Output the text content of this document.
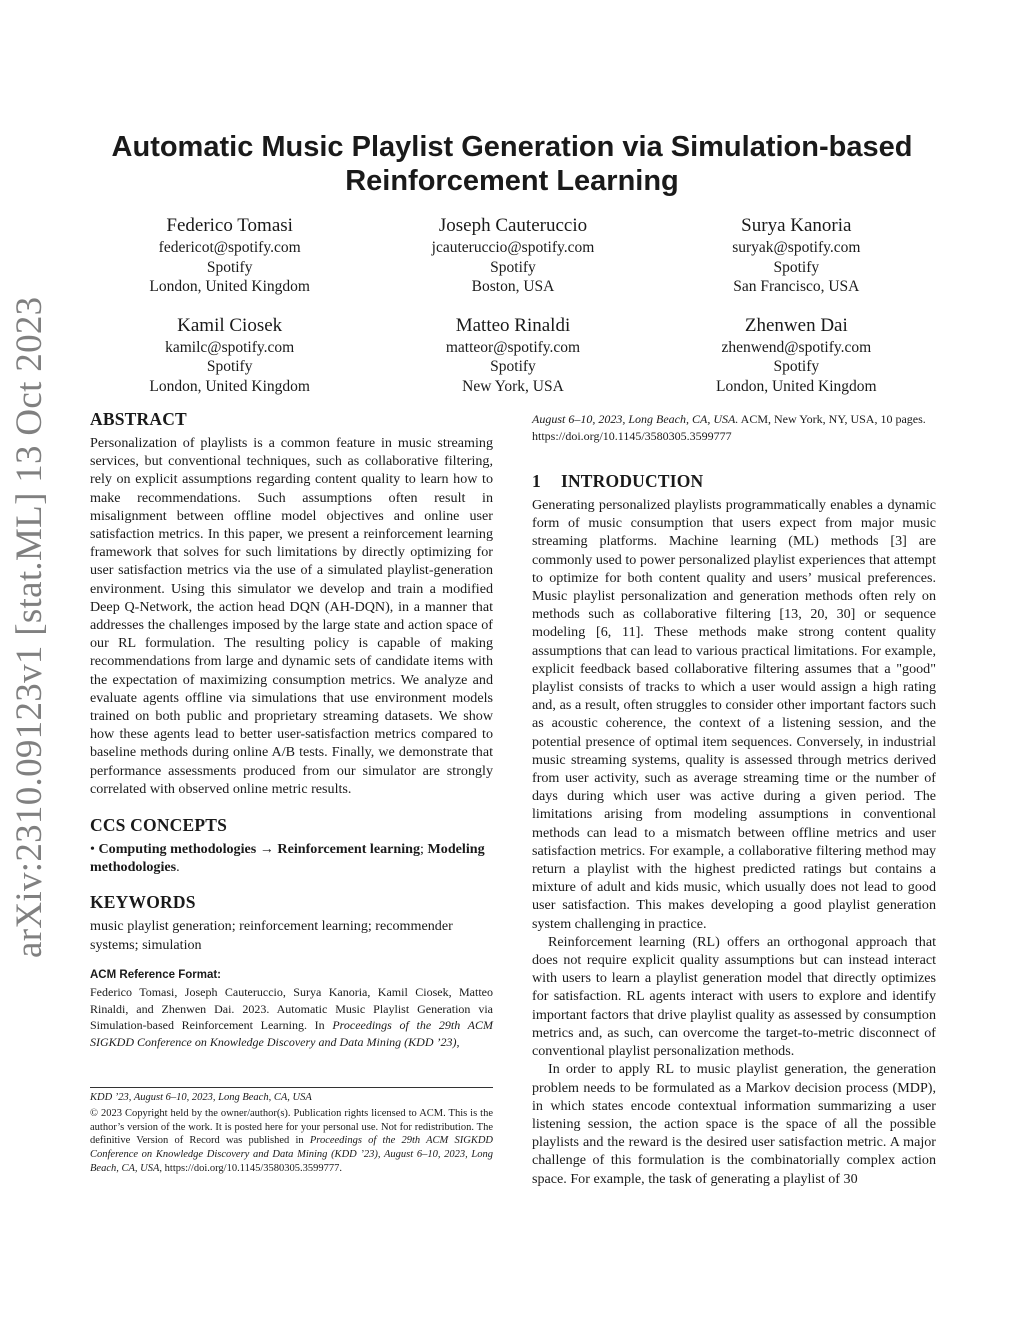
arXiv:2310.09123v1 [stat.ML] 13 Oct 2023
Automatic Music Playlist Generation via Simulation-based Reinforcement Learning
Federico Tomasi
federicot@spotify.com
Spotify
London, United Kingdom
Joseph Cauteruccio
jcauteruccio@spotify.com
Spotify
Boston, USA
Surya Kanoria
suryak@spotify.com
Spotify
San Francisco, USA
Kamil Ciosek
kamilc@spotify.com
Spotify
London, United Kingdom
Matteo Rinaldi
matteor@spotify.com
Spotify
New York, USA
Zhenwen Dai
zhenwend@spotify.com
Spotify
London, United Kingdom
ABSTRACT

Personalization of playlists is a common feature in music streaming services, but conventional techniques, such as collaborative filtering, rely on explicit assumptions regarding content quality to learn how to make recommendations. Such assumptions often result in misalignment between offline model objectives and online user satisfaction metrics. In this paper, we present a reinforcement learning framework that solves for such limitations by directly optimizing for user satisfaction metrics via the use of a simulated playlist-generation environment. Using this simulator we develop and train a modified Deep Q-Network, the action head DQN (AH-DQN), in a manner that addresses the challenges imposed by the large state and action space of our RL formulation. The resulting policy is capable of making recommendations from large and dynamic sets of candidate items with the expectation of maximizing consumption metrics. We analyze and evaluate agents offline via simulations that use environment models trained on both public and proprietary streaming datasets. We show how these agents lead to better user-satisfaction metrics compared to baseline methods during online A/B tests. Finally, we demonstrate that performance assessments produced from our simulator are strongly correlated with observed online metric results.

CCS CONCEPTS

• Computing methodologies → Reinforcement learning; Modeling methodologies.

KEYWORDS

music playlist generation; reinforcement learning; recommender systems; simulation

ACM Reference Format:

Federico Tomasi, Joseph Cauteruccio, Surya Kanoria, Kamil Ciosek, Matteo Rinaldi, and Zhenwen Dai. 2023. Automatic Music Playlist Generation via Simulation-based Reinforcement Learning. In Proceedings of the 29th ACM SIGKDD Conference on Knowledge Discovery and Data Mining (KDD ’23),

KDD ’23, August 6–10, 2023, Long Beach, CA, USA
© 2023 Copyright held by the owner/author(s). Publication rights licensed to ACM. This is the author’s version of the work. It is posted here for your personal use. Not for redistribution. The definitive Version of Record was published in Proceedings of the 29th ACM SIGKDD Conference on Knowledge Discovery and Data Mining (KDD ’23), August 6–10, 2023, Long Beach, CA, USA, https://doi.org/10.1145/3580305.3599777.
August 6–10, 2023, Long Beach, CA, USA. ACM, New York, NY, USA, 10 pages. https://doi.org/10.1145/3580305.3599777
1 INTRODUCTION

Generating personalized playlists programmatically enables a dynamic form of music consumption that users expect from major music streaming platforms. Machine learning (ML) methods [3] are commonly used to power personalized playlist experiences that attempt to optimize for both content quality and users’ musical preferences. Music playlist personalization and generation methods often rely on methods such as collaborative filtering [13, 20, 30] or sequence modeling [6, 11]. These methods make strong content quality assumptions that can lead to various practical limitations. For example, explicit feedback based collaborative filtering assumes that a "good" playlist consists of tracks to which a user would assign a high rating and, as a result, often struggles to consider other important factors such as acoustic coherence, the context of a listening session, and the potential presence of optimal item sequences. Conversely, in industrial music streaming systems, quality is assessed through metrics derived from user activity, such as average streaming time or the number of days during which user was active during a given period. The limitations arising from modeling assumptions in conventional methods can lead to a mismatch between offline metrics and user satisfaction metrics. For example, a collaborative filtering method may return a playlist with the highest predicted ratings but contains a mixture of adult and kids music, which usually does not lead to good user satisfaction. This makes developing a good playlist generation system challenging in practice.

Reinforcement learning (RL) offers an orthogonal approach that does not require explicit quality assumptions but can instead interact with users to learn a playlist generation model that directly optimizes for satisfaction. RL agents interact with users to explore and identify important factors that drive playlist quality as assessed by consumption metrics and, as such, can overcome the target-to-metric disconnect of conventional playlist personalization methods.

In order to apply RL to music playlist generation, the generation problem needs to be formulated as a Markov decision process (MDP), in which states encode contextual information summarizing a user listening session, the action space is the space of all the possible playlists and the reward is the desired user satisfaction metric. A major challenge of this formulation is the combinatorially complex action space. For example, the task of generating a playlist of 30
